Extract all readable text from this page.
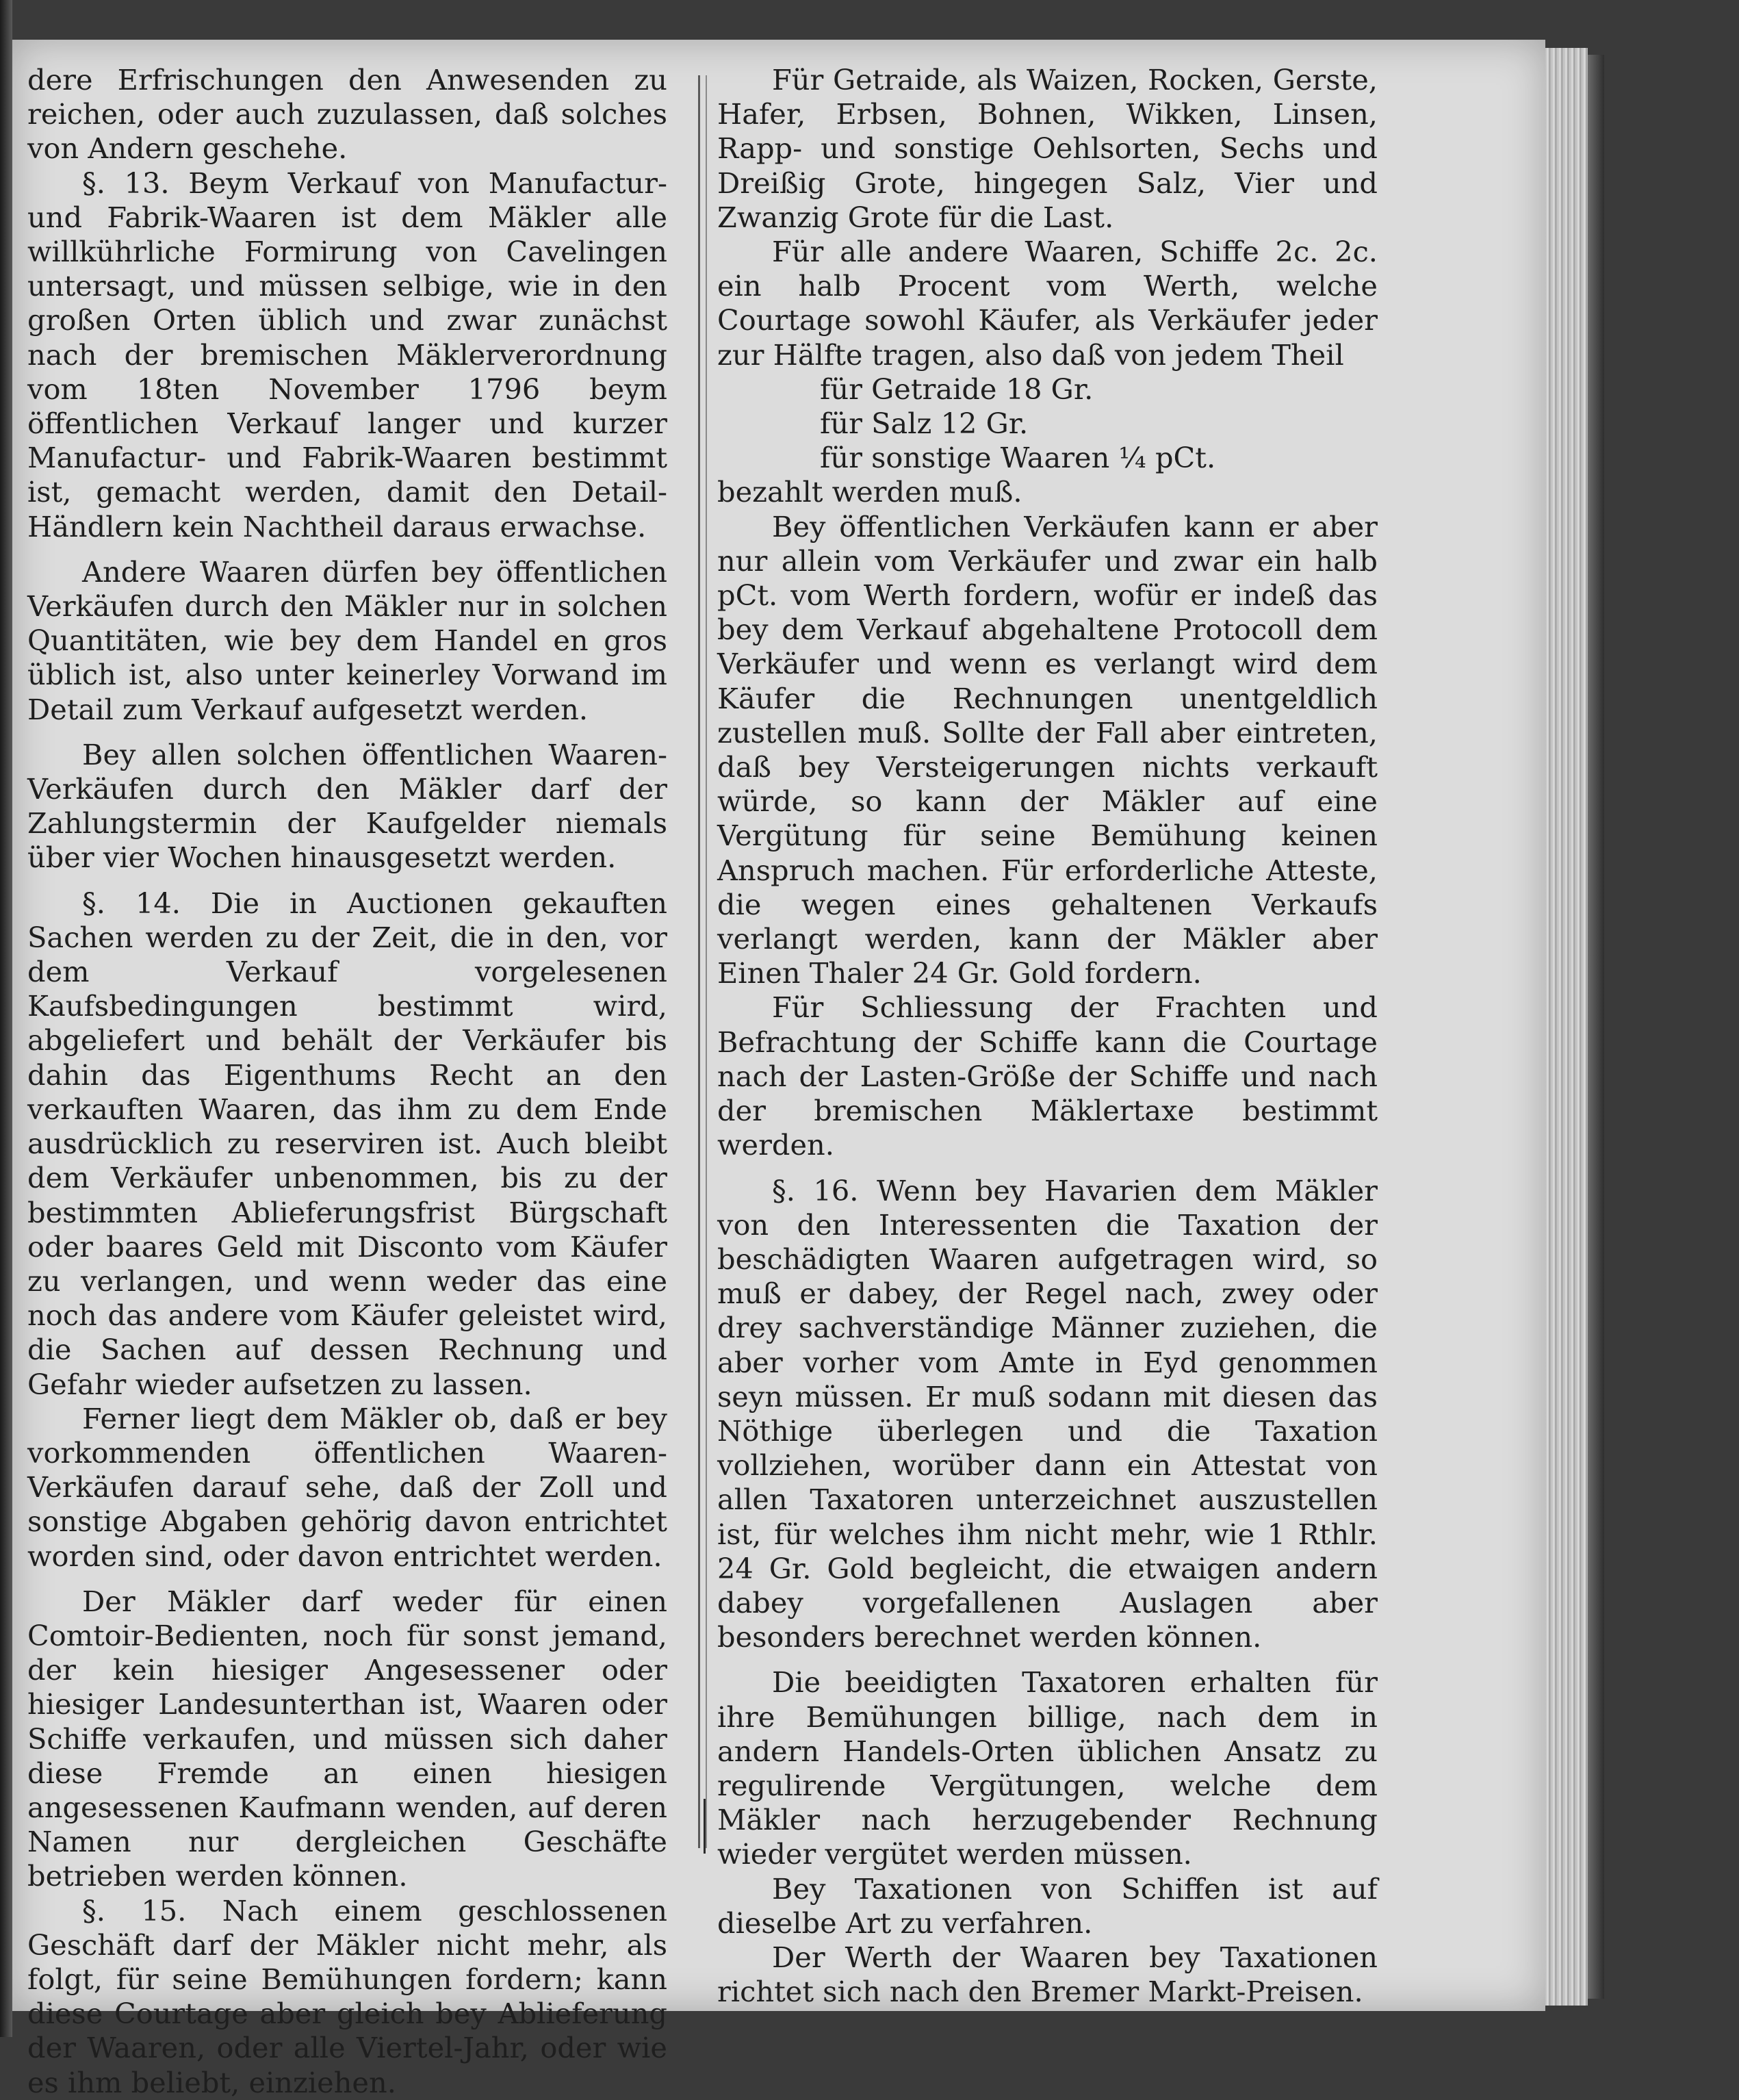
dere Erfrischungen den Anwesenden zu reichen, oder auch zuzulassen, daß solches von Andern geschehe.

§. 13. Beym Verkauf von Manufactur- und Fabrik-Waaren ist dem Mäkler alle willkührliche Formirung von Cavelingen untersagt, und müssen selbige, wie in den großen Orten üblich und zwar zunächst nach der bremischen Mäklerverordnung vom 18ten November 1796 beym öffentlichen Verkauf langer und kurzer Manufactur- und Fabrik-Waaren bestimmt ist, gemacht werden, damit den Detail-Händlern kein Nachtheil daraus erwachse.

Andere Waaren dürfen bey öffentlichen Verkäufen durch den Mäkler nur in solchen Quantitäten, wie bey dem Handel en gros üblich ist, also unter keinerley Vorwand im Detail zum Verkauf aufgesetzt werden.

Bey allen solchen öffentlichen Waaren-Verkäufen durch den Mäkler darf der Zahlungstermin der Kaufgelder niemals über vier Wochen hinausgesetzt werden.

§. 14. Die in Auctionen gekauften Sachen werden zu der Zeit, die in den, vor dem Verkauf vorgelesenen Kaufsbedingungen bestimmt wird, abgeliefert und behält der Verkäufer bis dahin das Eigenthums Recht an den verkauften Waaren, das ihm zu dem Ende ausdrücklich zu reserviren ist. Auch bleibt dem Verkäufer unbenommen, bis zu der bestimmten Ablieferungsfrist Bürgschaft oder baares Geld mit Disconto vom Käufer zu verlangen, und wenn weder das eine noch das andere vom Käufer geleistet wird, die Sachen auf dessen Rechnung und Gefahr wieder aufsetzen zu lassen.

Ferner liegt dem Mäkler ob, daß er bey vorkommenden öffentlichen Waaren-Verkäufen darauf sehe, daß der Zoll und sonstige Abgaben gehörig davon entrichtet worden sind, oder davon entrichtet werden.

Der Mäkler darf weder für einen Comtoir-Bedienten, noch für sonst jemand, der kein hiesiger Angesessener oder hiesiger Landesunterthan ist, Waaren oder Schiffe verkaufen, und müssen sich daher diese Fremde an einen hiesigen angesessenen Kaufmann wenden, auf deren Namen nur dergleichen Geschäfte betrieben werden können.

§. 15. Nach einem geschlossenen Geschäft darf der Mäkler nicht mehr, als folgt, für seine Bemühungen fordern; kann diese Courtage aber gleich bey Ablieferung der Waaren, oder alle Viertel-Jahr, oder wie es ihm beliebt, einziehen.

Für Getraide, als Waizen, Rocken, Gerste, Hafer, Erbsen, Bohnen, Wikken, Linsen, Rapp- und sonstige Oehlsorten, Sechs und Dreißig Grote, hingegen Salz, Vier und Zwanzig Grote für die Last.

Für alle andere Waaren, Schiffe 2c. 2c. ein halb Procent vom Werth, welche Courtage sowohl Käufer, als Verkäufer jeder zur Hälfte tragen, also daß von jedem Theil

für Getraide 18 Gr.

für Salz 12 Gr.

für sonstige Waaren ¼ pCt.

bezahlt werden muß.

Bey öffentlichen Verkäufen kann er aber nur allein vom Verkäufer und zwar ein halb pCt. vom Werth fordern, wofür er indeß das bey dem Verkauf abgehaltene Protocoll dem Verkäufer und wenn es verlangt wird dem Käufer die Rechnungen unentgeldlich zustellen muß. Sollte der Fall aber eintreten, daß bey Versteigerungen nichts verkauft würde, so kann der Mäkler auf eine Vergütung für seine Bemühung keinen Anspruch machen. Für erforderliche Atteste, die wegen eines gehaltenen Verkaufs verlangt werden, kann der Mäkler aber Einen Thaler 24 Gr. Gold fordern.

Für Schliessung der Frachten und Befrachtung der Schiffe kann die Courtage nach der Lasten-Größe der Schiffe und nach der bremischen Mäklertaxe bestimmt werden.

§. 16. Wenn bey Havarien dem Mäkler von den Interessenten die Taxation der beschädigten Waaren aufgetragen wird, so muß er dabey, der Regel nach, zwey oder drey sachverständige Männer zuziehen, die aber vorher vom Amte in Eyd genommen seyn müssen. Er muß sodann mit diesen das Nöthige überlegen und die Taxation vollziehen, worüber dann ein Attestat von allen Taxatoren unterzeichnet auszustellen ist, für welches ihm nicht mehr, wie 1 Rthlr. 24 Gr. Gold begleicht, die etwaigen andern dabey vorgefallenen Auslagen aber besonders berechnet werden können.

Die beeidigten Taxatoren erhalten für ihre Bemühungen billige, nach dem in andern Handels-Orten üblichen Ansatz zu regulirende Vergütungen, welche dem Mäkler nach herzugebender Rechnung wieder vergütet werden müssen.

Bey Taxationen von Schiffen ist auf dieselbe Art zu verfahren.

Der Werth der Waaren bey Taxationen richtet sich nach den Bremer Markt-Preisen.
